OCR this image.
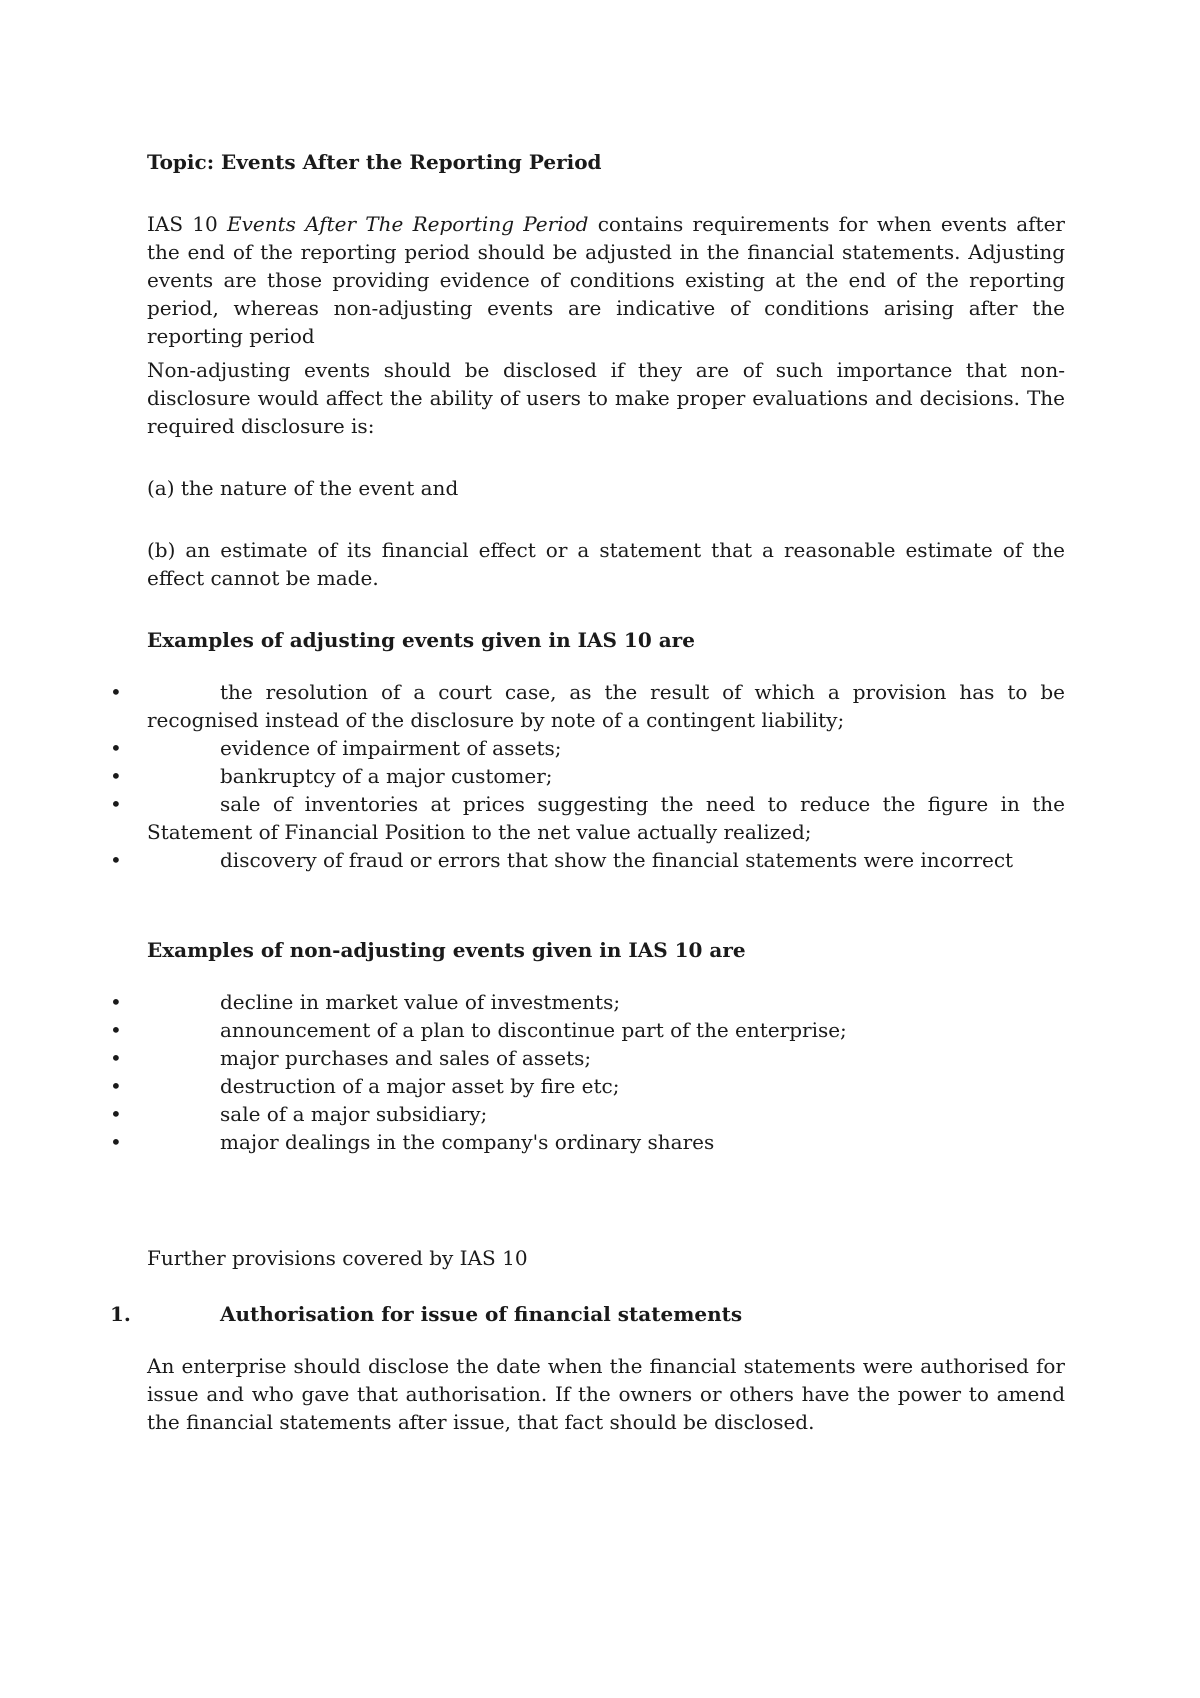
Topic: Events After the Reporting Period

IAS 10 Events After The Reporting Period contains requirements for when events after the end of the reporting period should be adjusted in the financial statements. Adjusting events are those providing evidence of conditions existing at the end of the reporting period, whereas non-adjusting events are indicative of conditions arising after the reporting period

Non-adjusting events should be disclosed if they are of such importance that non-disclosure would affect the ability of users to make proper evaluations and decisions. The required disclosure is:

(a) the nature of the event and

(b) an estimate of its financial effect or a statement that a reasonable estimate of the effect cannot be made.

Examples of adjusting events given in IAS 10 are

•	the resolution of a court case, as the result of which a provision has to be recognised instead of the disclosure by note of a contingent liability;
•	evidence of impairment of assets;
•	bankruptcy of a major customer;
•	sale of inventories at prices suggesting the need to reduce the figure in the Statement of Financial Position to the net value actually realized;
•	discovery of fraud or errors that show the financial statements were incorrect

Examples of non-adjusting events given in IAS 10 are

•	decline in market value of investments;
•	announcement of a plan to discontinue part of the enterprise;
•	major purchases and sales of assets;
•	destruction of a major asset by fire etc;
•	sale of a major subsidiary;
•	major dealings in the company's ordinary shares

Further provisions covered by IAS 10

1.	Authorisation for issue of financial statements

An enterprise should disclose the date when the financial statements were authorised for issue and who gave that authorisation. If the owners or others have the power to amend the financial statements after issue, that fact should be disclosed.
